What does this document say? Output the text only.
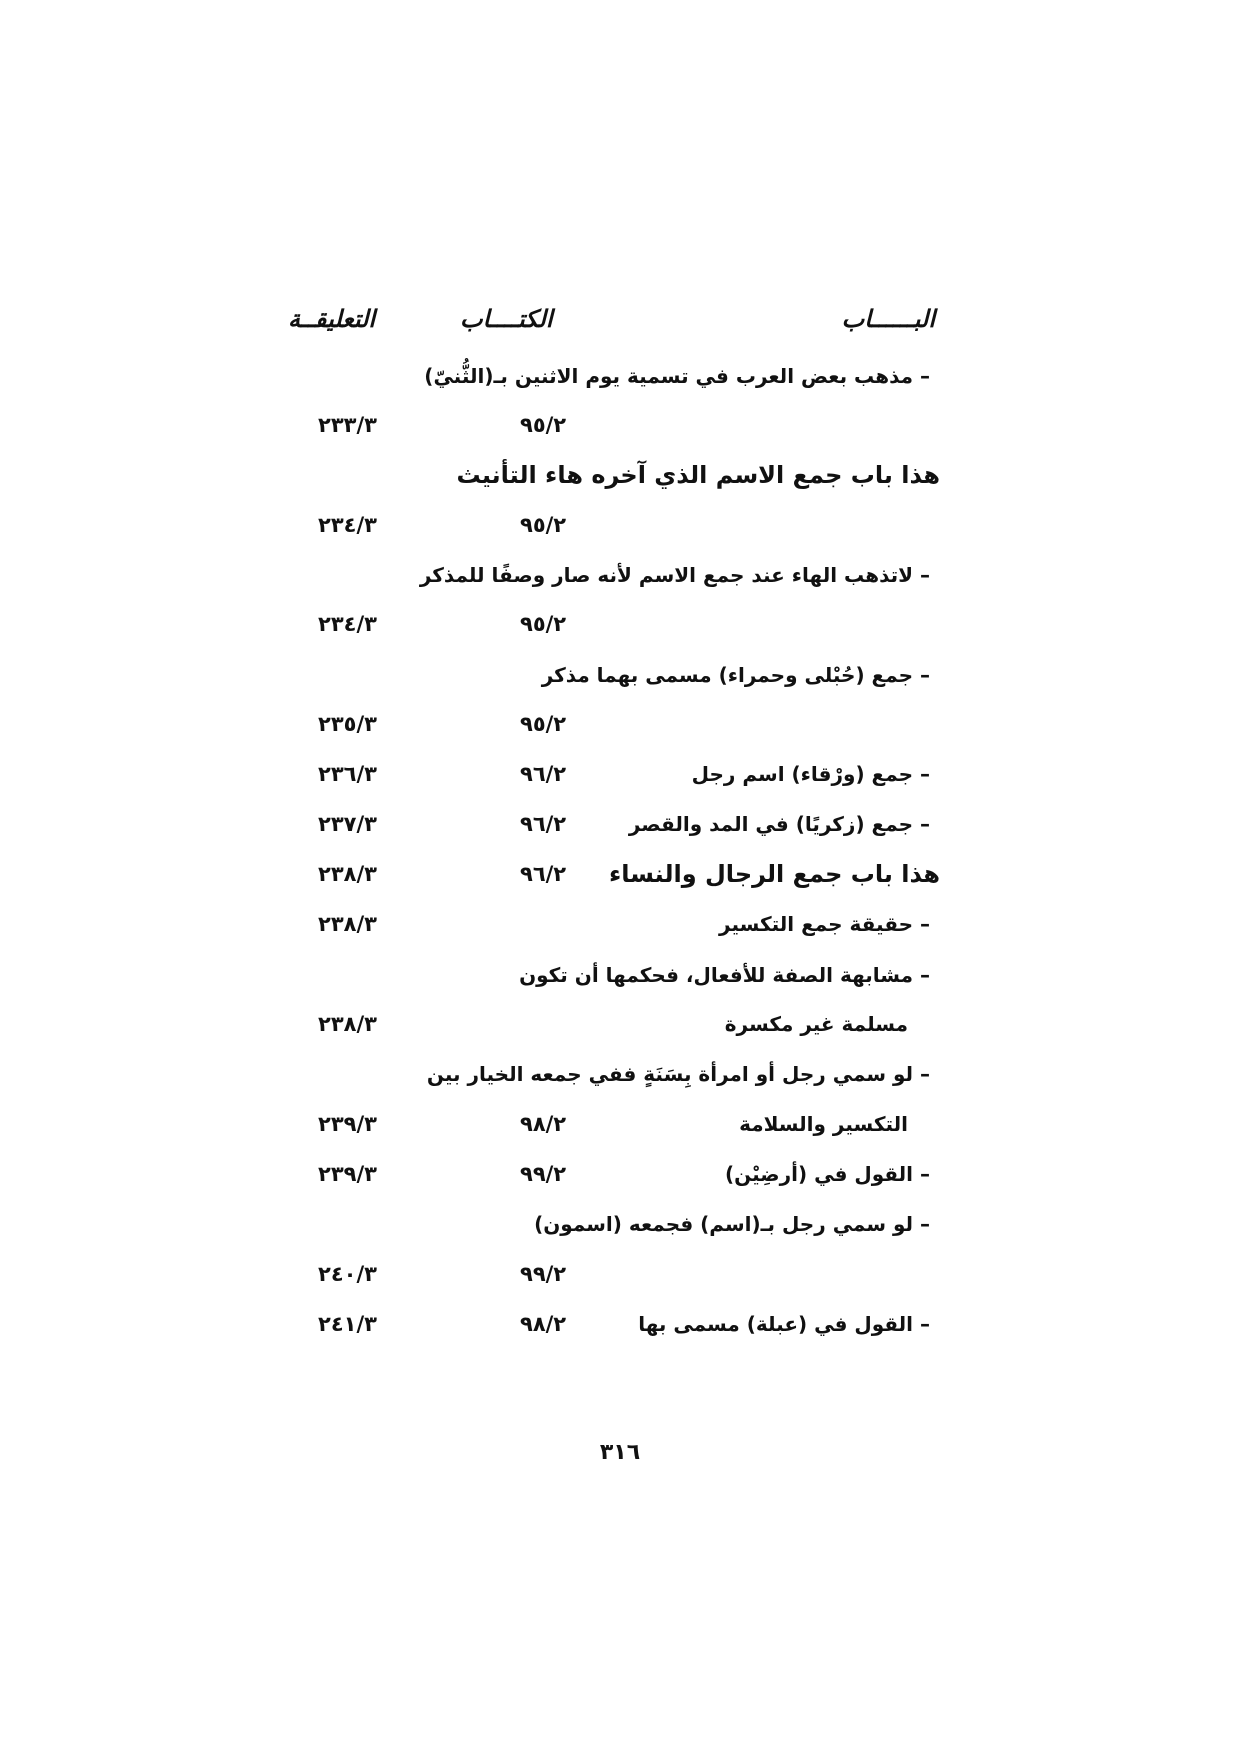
البــــــاب
الكتــــاب
التعليقــة
– مذهب بعض العرب في تسمية يوم الاثنين بـ(الثُّنيّ)
٩٥/٢
٢٣٣/٣
هذا باب جمع الاسم الذي آخره هاء التأنيث
٩٥/٢
٢٣٤/٣
– لاتذهب الهاء عند جمع الاسم لأنه صار وصفًا للمذكر
٩٥/٢
٢٣٤/٣
– جمع (حُبْلى وحمراء) مسمى بهما مذكر
٩٥/٢
٢٣٥/٣
– جمع (ورْقاء) اسم رجل
٩٦/٢
٢٣٦/٣
– جمع (زكريًا) في المد والقصر
٩٦/٢
٢٣٧/٣
هذا باب جمع الرجال والنساء
٩٦/٢
٢٣٨/٣
– حقيقة جمع التكسير
٢٣٨/٣
– مشابهة الصفة للأفعال، فحكمها أن تكون
مسلمة غير مكسرة
٢٣٨/٣
– لو سمي رجل أو امرأة بِسَنَةٍ ففي جمعه الخيار بين
التكسير والسلامة
٩٨/٢
٢٣٩/٣
– القول في (أرضِيْن)
٩٩/٢
٢٣٩/٣
– لو سمي رجل بـ(اسم) فجمعه (اسمون)
٩٩/٢
٢٤٠/٣
– القول في (عبلة) مسمى بها
٩٨/٢
٢٤١/٣
٣١٦
